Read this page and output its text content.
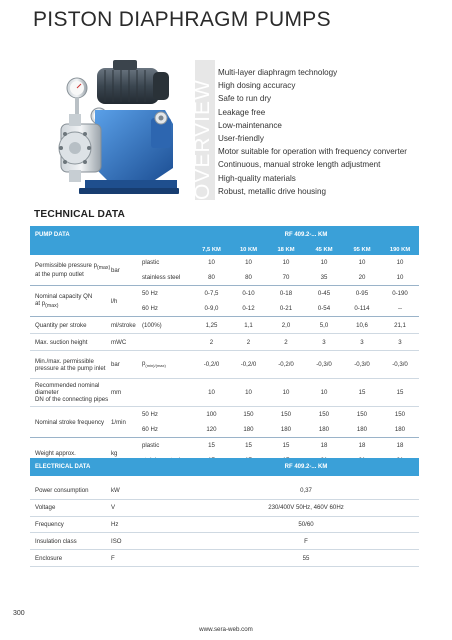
PISTON DIAPHRAGM PUMPS
OVERVIEW
Multi-layer diaphragm technology
High dosing accuracy
Safe to run dry
Leakage free
Low-maintenance
User-friendly
Motor suitable for operation with frequency converter
Continuous, manual stroke length adjustment
High-quality materials
Robust, metallic drive housing
TECHNICAL DATA
PUMP DATA			RF 409.2-... KM					
			7,5 KM	10 KM	18 KM	45 KM	95 KM	190 KM
Permissible pressure $p_{(max)}$
at the pump outlet	bar	plastic	10	10	10	10	10	10
		stainless steel	80	80	70	35	20	10
Nominal capacity QN
at $p_{(max)}$	l/h	50 Hz	0-7,5	0-10	0-18	0-45	0-95	0-190
		60 Hz	0-9,0	0-12	0-21	0-54	0-114	--
Quantity per stroke	ml/stroke	(100%)	1,25	1,1	2,0	5,0	10,6	21,1
Max. suction height	mWC		2	2	2	3	3	3
Min./max. permissible
pressure at the pump inlet	bar	$p_{(min)/(max)}$	-0,2/0	-0,2/0	-0,2/0	-0,3/0	-0,3/0	-0,3/0
Recommended nominal diameter
DN of the connecting pipes	mm		10	10	10	10	15	15
Nominal stroke frequency	1/min	50 Hz	100	150	150	150	150	150
		60 Hz	120	180	180	180	180	180
Weight approx.	kg	plastic	15	15	15	18	18	18

ELECTRICAL DATA		RF 409.2-... KM

Power consumption	kW	0,37
Voltage	V	230/400V 50Hz, 460V 60Hz
Frequency	Hz	50/60
Insulation class	ISO	F
Enclosure	F	55
300
www.sera-web.com
